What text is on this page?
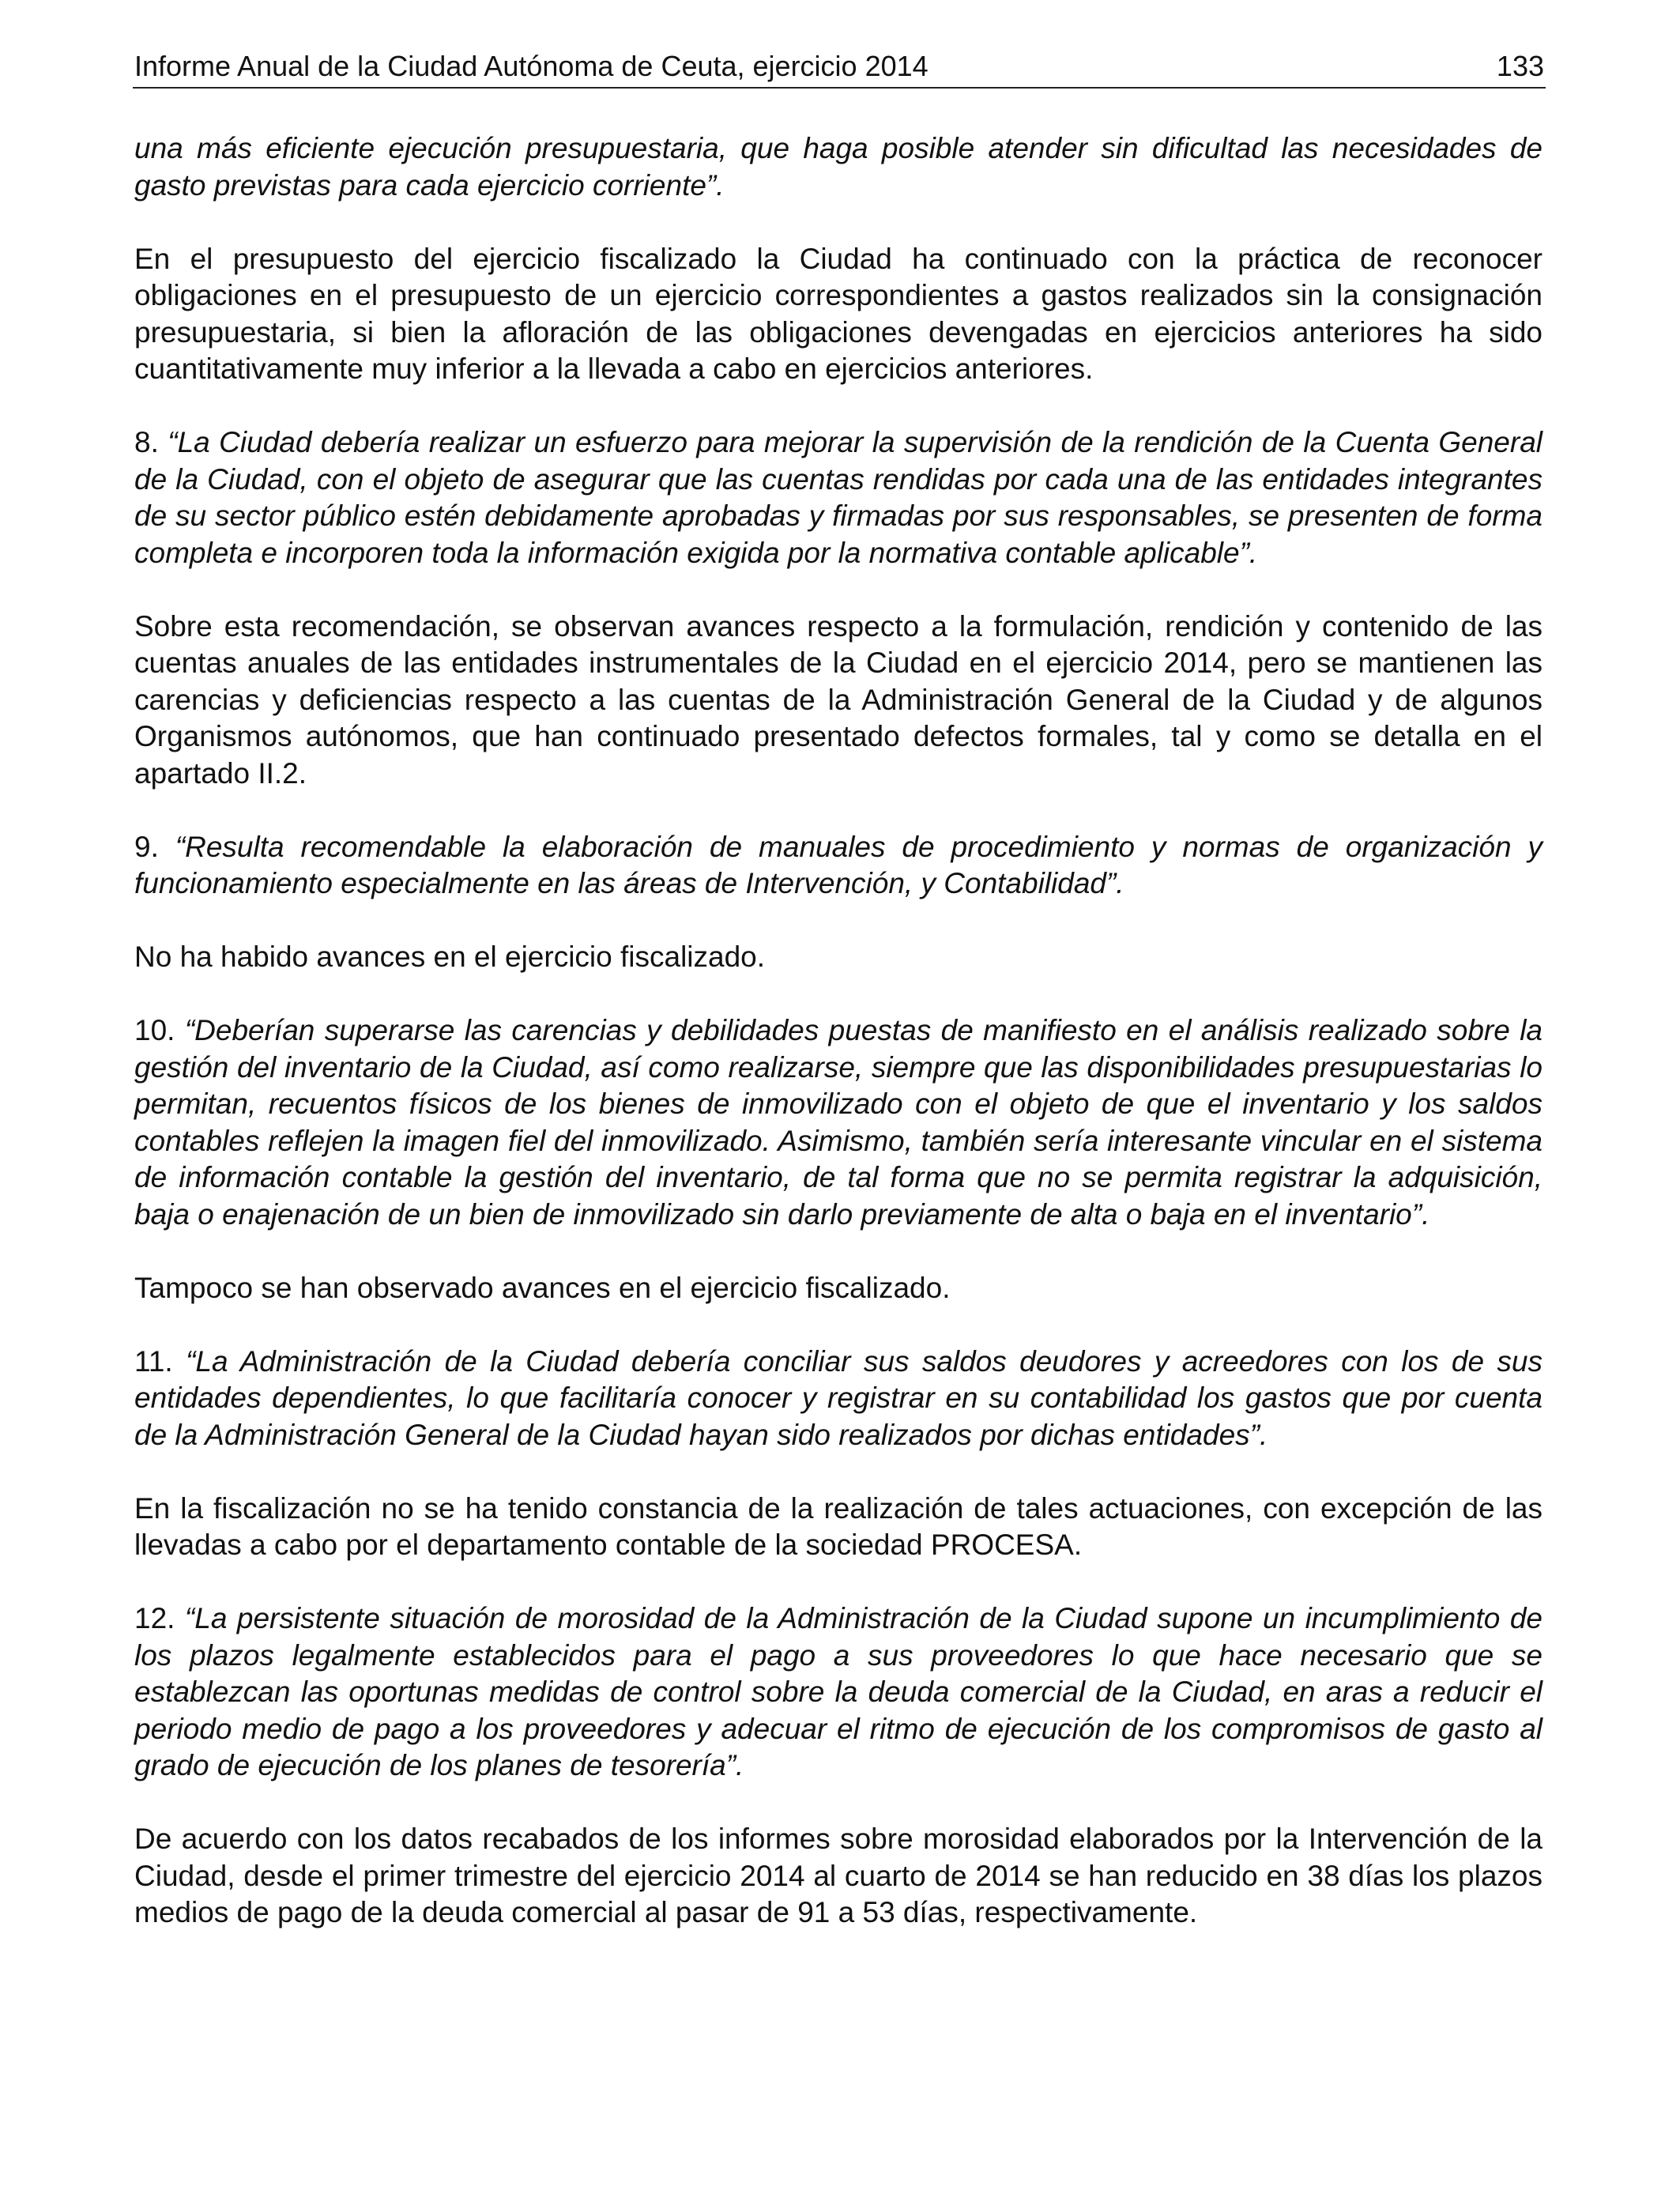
Informe Anual de la Ciudad Autónoma de Ceuta, ejercicio 2014	133

una más eficiente ejecución presupuestaria, que haga posible atender sin dificultad las necesidades de gasto previstas para cada ejercicio corriente”.

En el presupuesto del ejercicio fiscalizado la Ciudad ha continuado con la práctica de reconocer obligaciones en el presupuesto de un ejercicio correspondientes a gastos realizados sin la consignación presupuestaria, si bien la afloración de las obligaciones devengadas en ejercicios anteriores ha sido cuantitativamente muy inferior a la llevada a cabo en ejercicios anteriores.

8. “La Ciudad debería realizar un esfuerzo para mejorar la supervisión de la rendición de la Cuenta General de la Ciudad, con el objeto de asegurar que las cuentas rendidas por cada una de las entidades integrantes de su sector público estén debidamente aprobadas y firmadas por sus responsables, se presenten de forma completa e incorporen toda la información exigida por la normativa contable aplicable”.

Sobre esta recomendación, se observan avances respecto a la formulación, rendición y contenido de las cuentas anuales de las entidades instrumentales de la Ciudad en el ejercicio 2014, pero se mantienen las carencias y deficiencias respecto a las cuentas de la Administración General de la Ciudad y de algunos Organismos autónomos, que han continuado presentado defectos formales, tal y como se detalla en el apartado II.2.

9. “Resulta recomendable la elaboración de manuales de procedimiento y normas de organización y funcionamiento especialmente en las áreas de Intervención, y Contabilidad”.

No ha habido avances en el ejercicio fiscalizado.

10. “Deberían superarse las carencias y debilidades puestas de manifiesto en el análisis realizado sobre la gestión del inventario de la Ciudad, así como realizarse, siempre que las disponibilidades presupuestarias lo permitan, recuentos físicos de los bienes de inmovilizado con el objeto de que el inventario y los saldos contables reflejen la imagen fiel del inmovilizado. Asimismo, también sería interesante vincular en el sistema de información contable la gestión del inventario, de tal forma que no se permita registrar la adquisición, baja o enajenación de un bien de inmovilizado sin darlo previamente de alta o baja en el inventario”.

Tampoco se han observado avances en el ejercicio fiscalizado.

11. “La Administración de la Ciudad debería conciliar sus saldos deudores y acreedores con los de sus entidades dependientes, lo que facilitaría conocer y registrar en su contabilidad los gastos que por cuenta de la Administración General de la Ciudad hayan sido realizados por dichas entidades”.

En la fiscalización no se ha tenido constancia de la realización de tales actuaciones, con excepción de las llevadas a cabo por el departamento contable de la sociedad PROCESA.

12. “La persistente situación de morosidad de la Administración de la Ciudad supone un incumplimiento de los plazos legalmente establecidos para el pago a sus proveedores lo que hace necesario que se establezcan las oportunas medidas de control sobre la deuda comercial de la Ciudad, en aras a reducir el periodo medio de pago a los proveedores y adecuar el ritmo de ejecución de los compromisos de gasto al grado de ejecución de los planes de tesorería”.

De acuerdo con los datos recabados de los informes sobre morosidad elaborados por la Intervención de la Ciudad, desde el primer trimestre del ejercicio 2014 al cuarto de 2014 se han reducido en 38 días los plazos medios de pago de la deuda comercial al pasar de 91 a 53 días, respectivamente.
